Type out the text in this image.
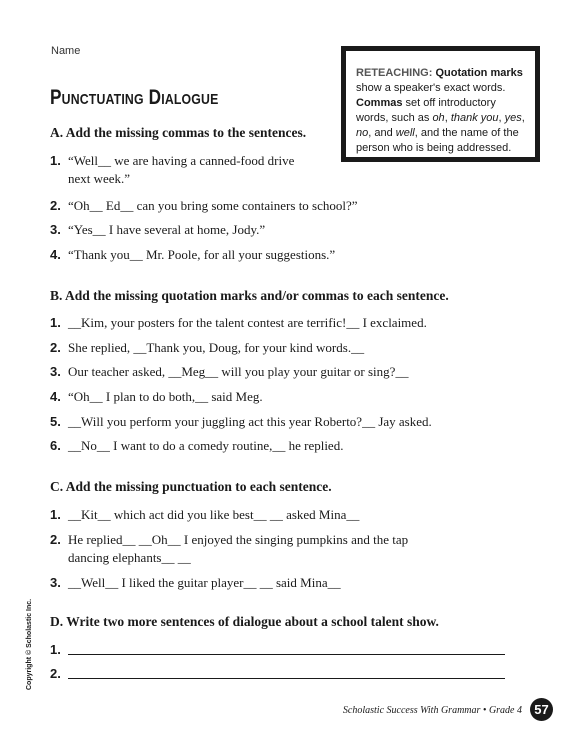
Name
punctuating dialogue
RETEACHING: Quotation marks show a speaker's exact words. Commas set off introductory words, such as oh, thank you, yes, no, and well, and the name of the person who is being addressed.
A. Add the missing commas to the sentences.
1. “Well__ we are having a canned-food drive
next week.”
2. “Oh__ Ed__ can you bring some containers to school?”
3. “Yes__ I have several at home, Jody.”
4. “Thank you__ Mr. Poole, for all your suggestions.”
B. Add the missing quotation marks and/or commas to each sentence.
1. __Kim, your posters for the talent contest are terrific!__ I exclaimed.
2. She replied, __Thank you, Doug, for your kind words.__
3. Our teacher asked, __Meg__ will you play your guitar or sing?__
4. “Oh__ I plan to do both,__ said Meg.
5. __Will you perform your juggling act this year Roberto?__ Jay asked.
6. __No__ I want to do a comedy routine,__ he replied.
C. Add the missing punctuation to each sentence.
1. __Kit__ which act did you like best__ __ asked Mina__
2. He replied__ __Oh__ I enjoyed the singing pumpkins and the tap
dancing elephants__ __
3. __Well__ I liked the guitar player__ __ said Mina__
D. Write two more sentences of dialogue about a school talent show.
1.
2.
Copyright © Scholastic Inc.
Scholastic Success With Grammar • Grade 4 57
